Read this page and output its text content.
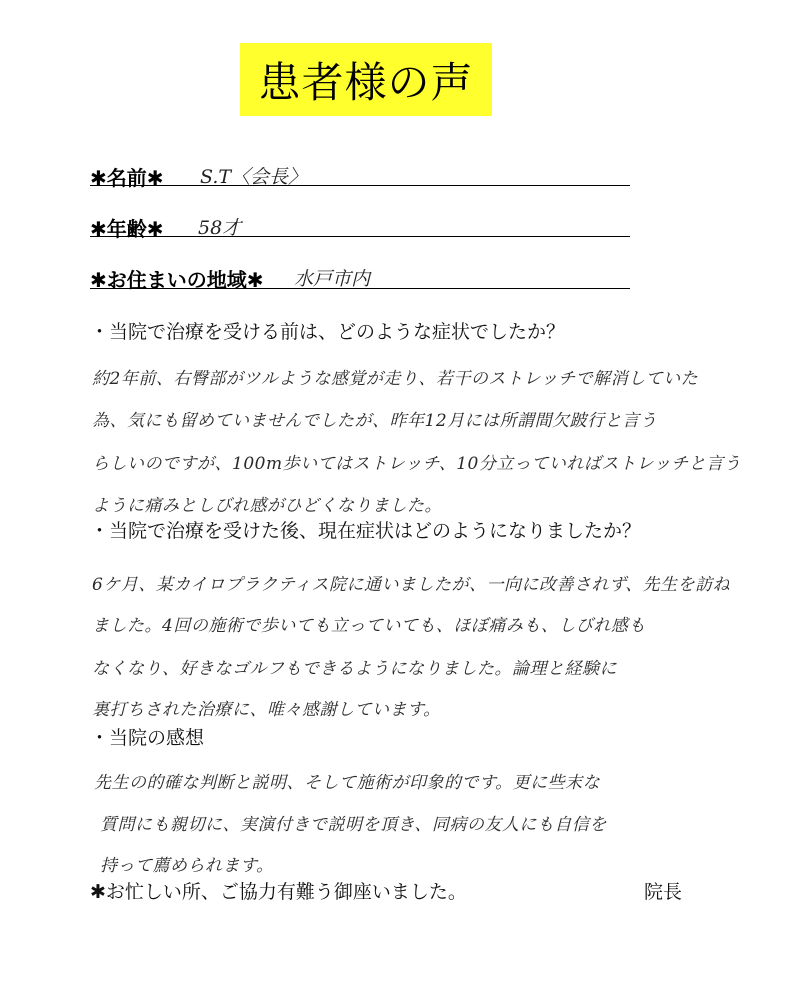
患者様の声
✱名前✱ S.T〈会長〉
✱年齢✱ 58才
✱お住まいの地域✱ 水戸市内
・当院で治療を受ける前は、どのような症状でしたか？
約2年前、右臀部がツルような感覚が走り、若干のストレッチで解消していた
為、気にも留めていませんでしたが、昨年12月には所謂間欠跛行と言う
らしいのですが、100m歩いてはストレッチ、10分立っていればストレッチと言う
ように痛みとしびれ感がひどくなりました。
・当院で治療を受けた後、現在症状はどのようになりましたか？
6ケ月、某カイロプラクティス院に通いましたが、一向に改善されず、先生を訪ね
ました。4回の施術で歩いても立っていても、ほぼ痛みも、しびれ感も
なくなり、好きなゴルフもできるようになりました。論理と経験に
裏打ちされた治療に、唯々感謝しています。
・当院の感想
先生の的確な判断と説明、そして施術が印象的です。更に些末な
質問にも親切に、実演付きで説明を頂き、同病の友人にも自信を
持って薦められます。
✱お忙しい所、ご協力有難う御座いました。	院長
